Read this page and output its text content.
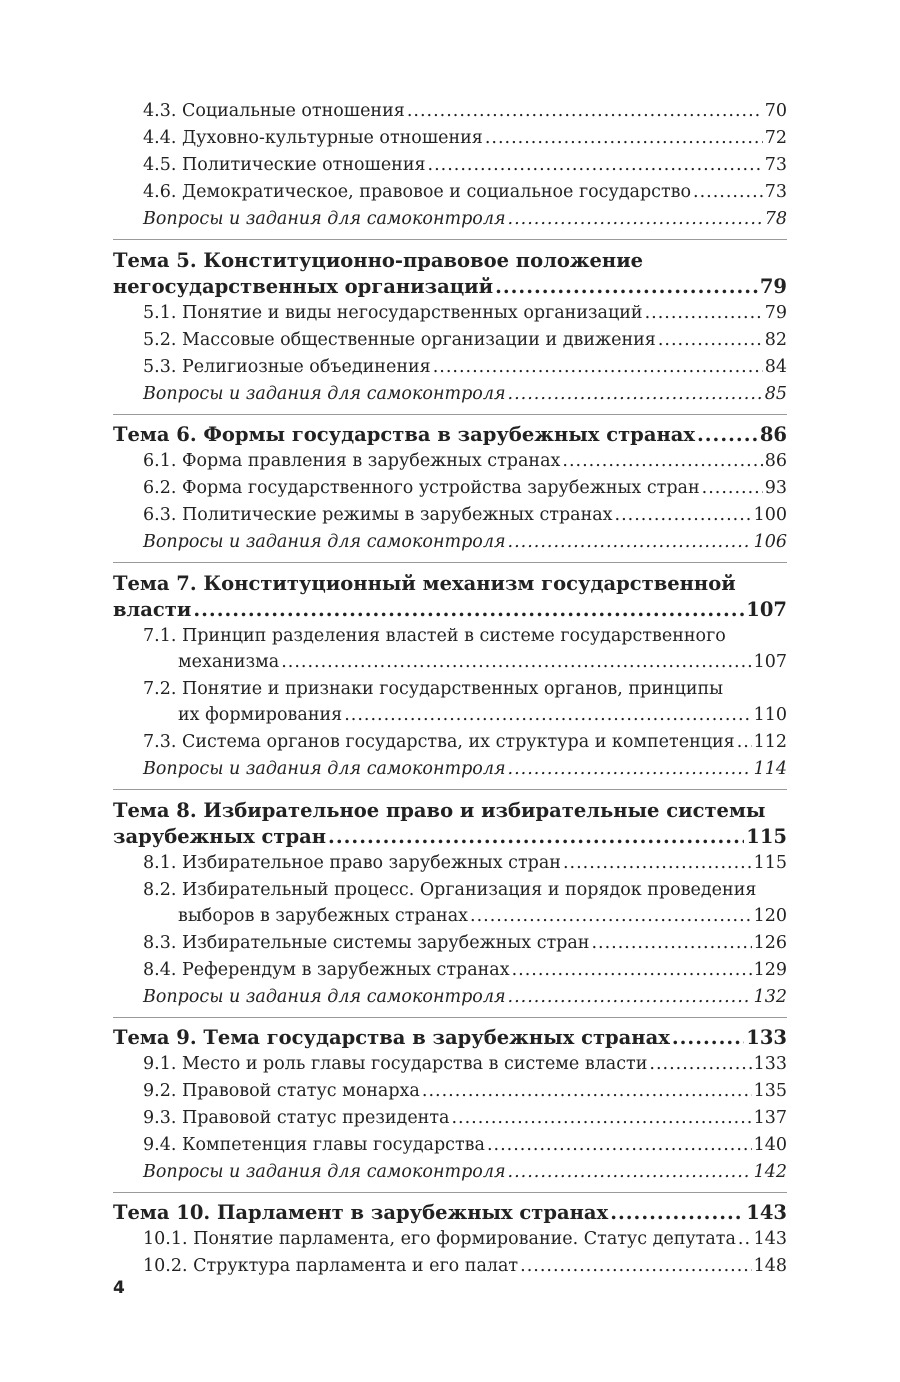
4.3. Социальные отношения .....	70
4.4. Духовно-культурные отношения .....	72
4.5. Политические отношения .....	73
4.6. Демократическое, правовое и социальное государство .....	73
Вопросы и задания для самоконтроля .....	78
Тема 5. Конституционно-правовое положение
негосударственных организаций .....	79
5.1. Понятие и виды негосударственных организаций .....	79
5.2. Массовые общественные организации и движения .....	82
5.3. Религиозные объединения .....	84
Вопросы и задания для самоконтроля .....	85
Тема 6. Формы государства в зарубежных странах .....	86
6.1. Форма правления в зарубежных странах .....	86
6.2. Форма государственного устройства зарубежных стран .....	93
6.3. Политические режимы в зарубежных странах .....	100
Вопросы и задания для самоконтроля .....	106
Тема 7. Конституционный механизм государственной
власти .....	107
7.1. Принцип разделения властей в системе государственного
механизма .....	107
7.2. Понятие и признаки государственных органов, принципы
их формирования .....	110
7.3. Система органов государства, их структура и компетенция ..... 112
Вопросы и задания для самоконтроля .....	114
Тема 8. Избирательное право и избирательные системы
зарубежных стран .....	115
8.1. Избирательное право зарубежных стран .....	115
8.2. Избирательный процесс. Организация и порядок проведения
выборов в зарубежных странах .....	120
8.3. Избирательные системы зарубежных стран .....	126
8.4. Референдум в зарубежных странах .....	129
Вопросы и задания для самоконтроля .....	132
Тема 9. Тема государства в зарубежных странах .....	133
9.1. Место и роль главы государства в системе власти .....	133
9.2. Правовой статус монарха .....	135
9.3. Правовой статус президента .....	137
9.4. Компетенция главы государства .....	140
Вопросы и задания для самоконтроля .....	142
Тема 10. Парламент в зарубежных странах .....	143
10.1. Понятие парламента, его формирование. Статус депутата ..... 143
10.2. Структура парламента и его палат .....	148
4
